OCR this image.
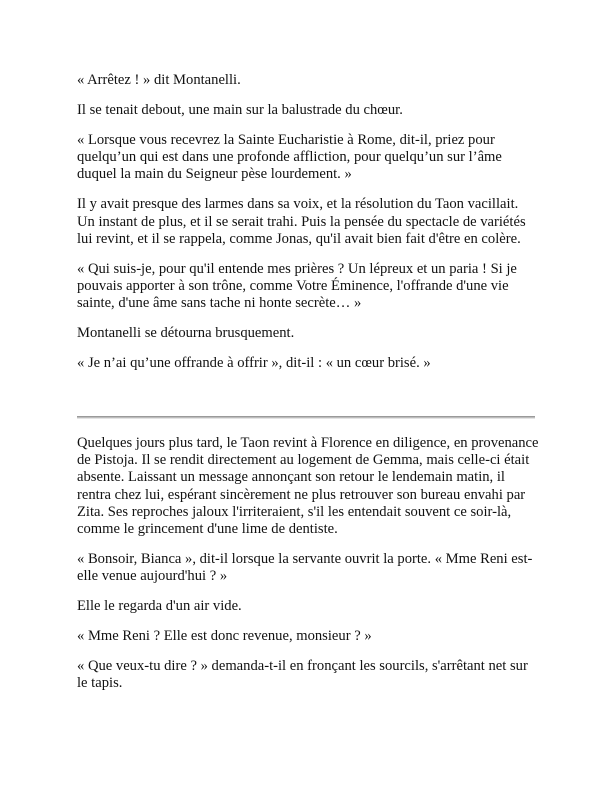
« Arrêtez ! » dit Montanelli.

Il se tenait debout, une main sur la balustrade du chœur.

« Lorsque vous recevrez la Sainte Eucharistie à Rome, dit-il, priez pour quelqu’un qui est dans une profonde affliction, pour quelqu’un sur l’âme duquel la main du Seigneur pèse lourdement. »

Il y avait presque des larmes dans sa voix, et la résolution du Taon vacillait. Un instant de plus, et il se serait trahi. Puis la pensée du spectacle de variétés lui revint, et il se rappela, comme Jonas, qu'il avait bien fait d'être en colère.

« Qui suis-je, pour qu'il entende mes prières ? Un lépreux et un paria ! Si je pouvais apporter à son trône, comme Votre Éminence, l'offrande d'une vie sainte, d'une âme sans tache ni honte secrète… »

Montanelli se détourna brusquement.

« Je n’ai qu’une offrande à offrir », dit-il : « un cœur brisé. »

Quelques jours plus tard, le Taon revint à Florence en diligence, en provenance de Pistoja. Il se rendit directement au logement de Gemma, mais celle-ci était absente. Laissant un message annonçant son retour le lendemain matin, il rentra chez lui, espérant sincèrement ne plus retrouver son bureau envahi par Zita. Ses reproches jaloux l'irriteraient, s'il les entendait souvent ce soir-là, comme le grincement d'une lime de dentiste.

« Bonsoir, Bianca », dit-il lorsque la servante ouvrit la porte. « Mme Reni est-elle venue aujourd'hui ? »

Elle le regarda d'un air vide.

« Mme Reni ? Elle est donc revenue, monsieur ? »

« Que veux-tu dire ? » demanda-t-il en fronçant les sourcils, s'arrêtant net sur le tapis.
